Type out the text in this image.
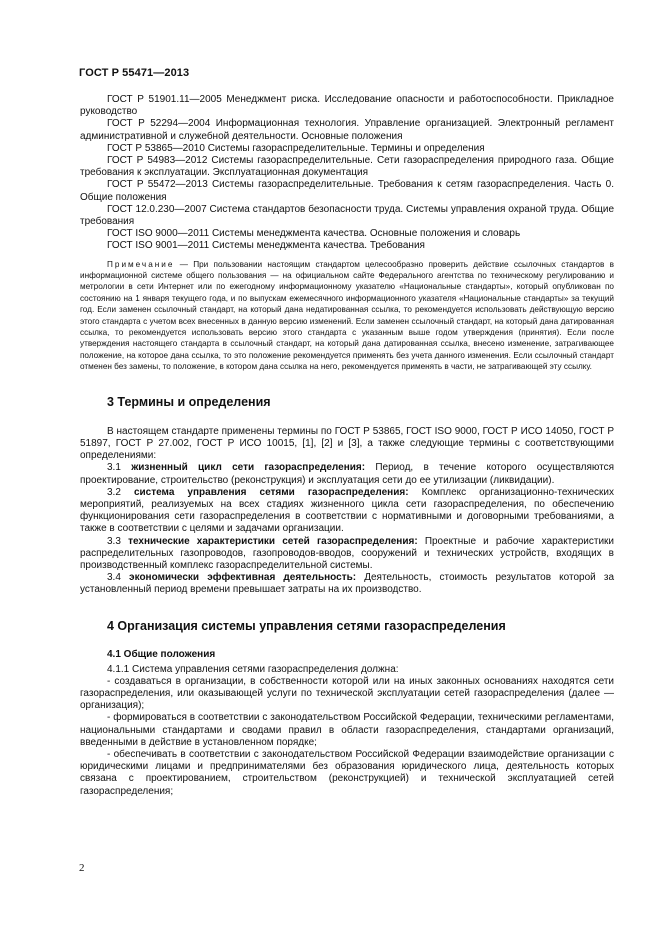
ГОСТ Р 55471—2013

ГОСТ Р 51901.11—2005 Менеджмент риска. Исследование опасности и работоспособности. Прикладное руководство

ГОСТ Р 52294—2004 Информационная технология. Управление организацией. Электронный регламент административной и служебной деятельности. Основные положения

ГОСТ Р 53865—2010 Системы газораспределительные. Термины и определения

ГОСТ Р 54983—2012 Системы газораспределительные. Сети газораспределения природного газа. Общие требования к эксплуатации. Эксплуатационная документация

ГОСТ Р 55472—2013 Системы газораспределительные. Требования к сетям газораспределения. Часть 0. Общие положения

ГОСТ 12.0.230—2007 Система стандартов безопасности труда. Системы управления охраной труда. Общие требования

ГОСТ ISO 9000—2011 Системы менеджмента качества. Основные положения и словарь

ГОСТ ISO 9001—2011 Системы менеджмента качества. Требования

Примечание — При пользовании настоящим стандартом целесообразно проверить действие ссылочных стандартов в информационной системе общего пользования — на официальном сайте Федерального агентства по техническому регулированию и метрологии в сети Интернет или по ежегодному информационному указателю «Национальные стандарты», который опубликован по состоянию на 1 января текущего года, и по выпускам ежемесячного информационного указателя «Национальные стандарты» за текущий год. Если заменен ссылочный стандарт, на который дана недатированная ссылка, то рекомендуется использовать действующую версию этого стандарта с учетом всех внесенных в данную версию изменений. Если заменен ссылочный стандарт, на который дана датированная ссылка, то рекомендуется использовать версию этого стандарта с указанным выше годом утверждения (принятия). Если после утверждения настоящего стандарта в ссылочный стандарт, на который дана датированная ссылка, внесено изменение, затрагивающее положение, на которое дана ссылка, то это положение рекомендуется применять без учета данного изменения. Если ссылочный стандарт отменен без замены, то положение, в котором дана ссылка на него, рекомендуется применять в части, не затрагивающей эту ссылку.

3 Термины и определения

В настоящем стандарте применены термины по ГОСТ Р 53865, ГОСТ ISO 9000, ГОСТ Р ИСО 14050, ГОСТ Р 51897, ГОСТ Р 27.002, ГОСТ Р ИСО 10015, [1], [2] и [3], а также следующие термины с соответствующими определениями:

3.1 жизненный цикл сети газораспределения: Период, в течение которого осуществляются проектирование, строительство (реконструкция) и эксплуатация сети до ее утилизации (ликвидации).

3.2 система управления сетями газораспределения: Комплекс организационно-технических мероприятий, реализуемых на всех стадиях жизненного цикла сети газораспределения, по обеспечению функционирования сети газораспределения в соответствии с нормативными и договорными требованиями, а также в соответствии с целями и задачами организации.

3.3 технические характеристики сетей газораспределения: Проектные и рабочие характеристики распределительных газопроводов, газопроводов-вводов, сооружений и технических устройств, входящих в производственный комплекс газораспределительной системы.

3.4 экономически эффективная деятельность: Деятельность, стоимость результатов которой за установленный период времени превышает затраты на их производство.

4 Организация системы управления сетями газораспределения

4.1 Общие положения

4.1.1 Система управления сетями газораспределения должна:

- создаваться в организации, в собственности которой или на иных законных основаниях находятся сети газораспределения, или оказывающей услуги по технической эксплуатации сетей газораспределения (далее — организация);

- формироваться в соответствии с законодательством Российской Федерации, техническими регламентами, национальными стандартами и сводами правил в области газораспределения, стандартами организаций, введенными в действие в установленном порядке;

- обеспечивать в соответствии с законодательством Российской Федерации взаимодействие организации с юридическими лицами и предпринимателями без образования юридического лица, деятельность которых связана с проектированием, строительством (реконструкцией) и технической эксплуатацией сетей газораспределения;

2
